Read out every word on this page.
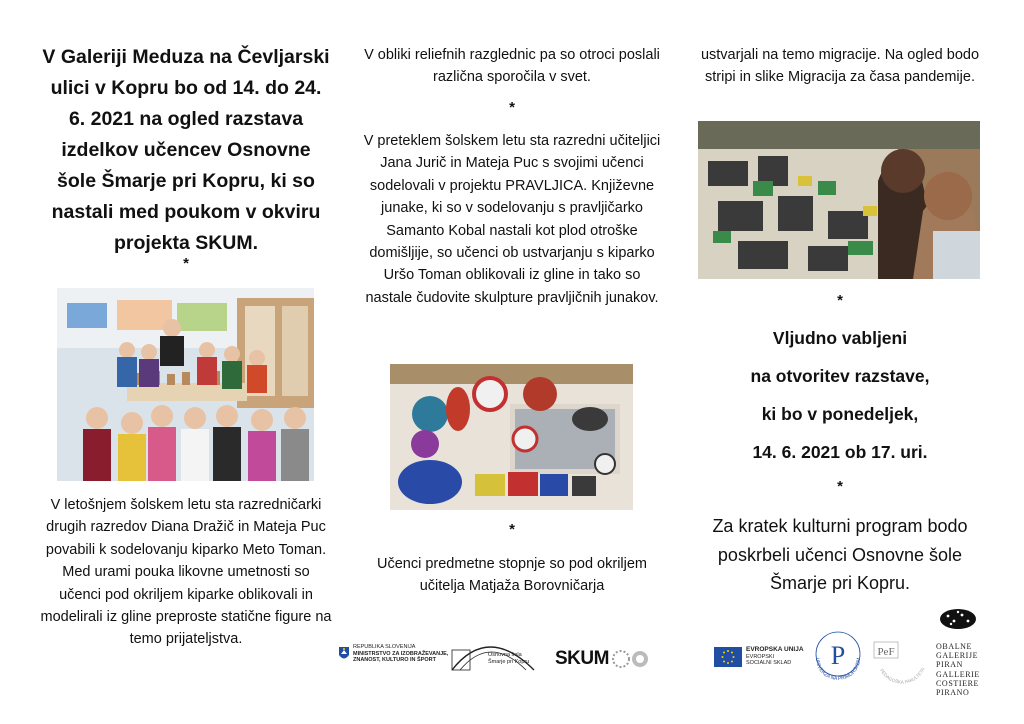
V Galeriji Meduza na Čevljarski ulici v Kopru bo od 14. do 24. 6. 2021 na ogled razstava izdelkov učencev Osnovne šole Šmarje pri Kopru, ki so nastali med poukom v okviru projekta SKUM.
*
V letošnjem šolskem letu sta razredničarki drugih razredov Diana Dražič in Mateja Puc povabili k sodelovanju kiparko Meto Toman. Med urami pouka likovne umetnosti so učenci pod okriljem kiparke oblikovali in modelirali iz gline preproste statične figure na temo prijateljstva.
V obliki reliefnih razglednic pa so otroci poslali različna sporočila v svet.
*
V preteklem šolskem letu sta razredni učiteljici Jana Jurič in Mateja Puc s svojimi učenci sodelovali v projektu PRAVLJICA. Književne junake, ki so v sodelovanju s pravljičarko Samanto Kobal nastali kot plod otroške domišljije, so učenci ob ustvarjanju s kiparko Uršo Toman oblikovali iz gline in tako so nastale čudovite skulpture pravljičnih junakov.
*
Učenci predmetne stopnje so pod okriljem učitelja Matjaža Borovničarja
ustvarjali na temo migracije. Na ogled bodo stripi in slike Migracija za časa pandemije.
*
Vljudno vabljeni
na otvoritev razstave,
ki bo v ponedeljek,
14. 6. 2021 ob 17. uri.
*
Za kratek kulturni program bodo poskrbeli učenci Osnovne šole Šmarje pri Kopru.
REPUBLIKA SLOVENIJA
MINISTRSTVO ZA IZOBRAŽEVANJE,
ZNANOST, KULTURO IN ŠPORT
Osnovna šola
Šmarje pri Kopru SKUM	EVROPSKA UNIJA
EVROPSKI
SOCIALNI SKLAD	P
UNIVERZA NA PRIMORSKEM
PeF
PEDAGOŠKA FAKULTETA
OBALNE
GALERIJE
PIRAN
GALLERIE
COSTIERE
PIRANO
